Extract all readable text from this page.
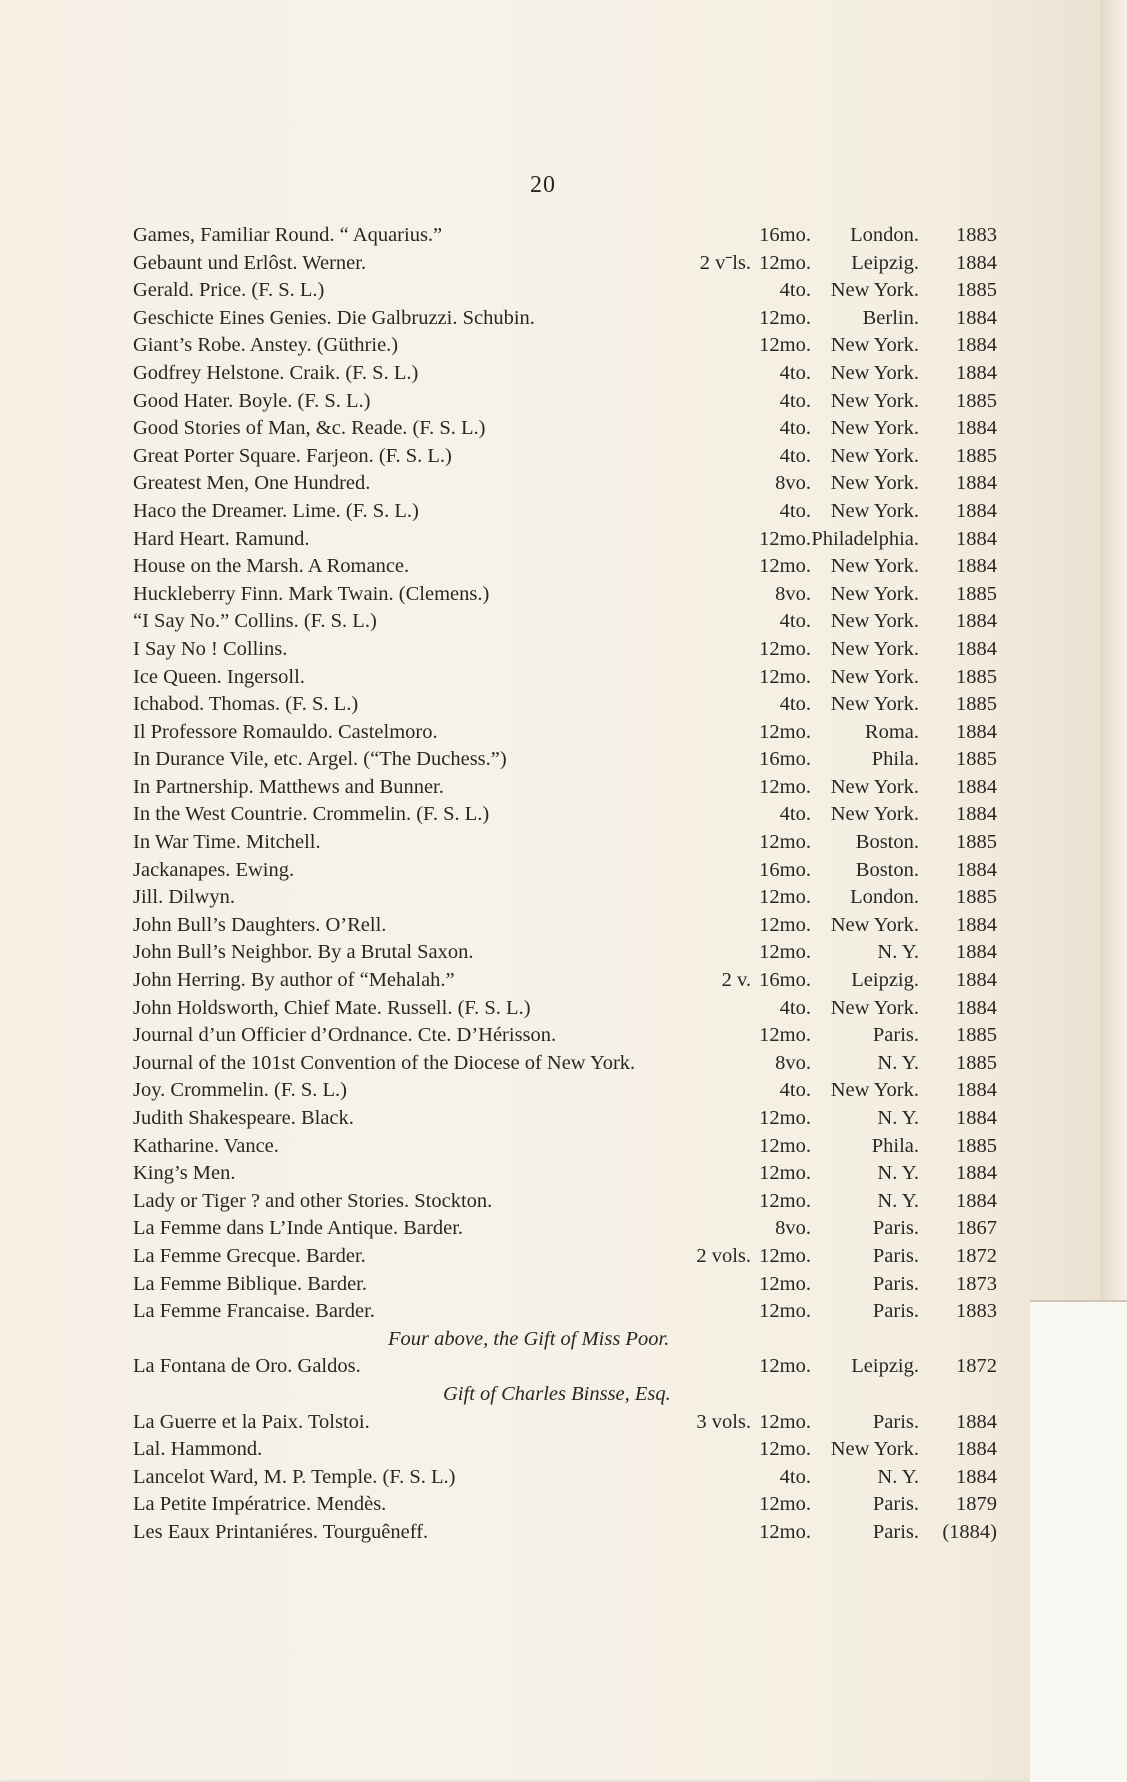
20
Games, Familiar Round. “ Aquarius.”	16mo. London. 1883
Gebaunt und Erlôst. Werner.	2 vˉls. 12mo. Leipzig. 1884
Gerald. Price. (F. S. L.)	4to. New York. 1885
Geschicte Eines Genies. Die Galbruzzi. Schubin.	12mo.	Berlin. 1884
Giant’s Robe. Anstey. (Güthrie.)	12mo. New York. 1884
Godfrey Helstone. Craik. (F. S. L.)	4to. New York. 1884
Good Hater. Boyle. (F. S. L.)	4to. New York. 1885
Good Stories of Man, &c. Reade. (F. S. L.)	4to. New York. 1884
Great Porter Square. Farjeon. (F. S. L.)	4to. New York. 1885
Greatest Men, One Hundred.	8vo. New York. 1884
Haco the Dreamer. Lime. (F. S. L.)	4to. New York. 1884
Hard Heart. Ramund.	12mo. Philadelphia. 1884
House on the Marsh. A Romance.	12mo. New York. 1884
Huckleberry Finn. Mark Twain. (Clemens.)	8vo. New York. 1885
“I Say No.” Collins. (F. S. L.)	4to. New York. 1884
I Say No ! Collins.	12mo. New York. 1884
Ice Queen. Ingersoll.	12mo. New York. 1885
Ichabod. Thomas. (F. S. L.)	4to. New York. 1885
Il Professore Romauldo. Castelmoro.	12mo.	Roma. 1884
In Durance Vile, etc. Argel. (“The Duchess.”)	16mo.	Phila. 1885
In Partnership. Matthews and Bunner.	12mo. New York. 1884
In the West Countrie. Crommelin. (F. S. L.)	4to. New York. 1884
In War Time. Mitchell.	12mo. Boston. 1885
Jackanapes. Ewing.	16mo. Boston. 1884
Jill. Dilwyn.	12mo. London. 1885
John Bull’s Daughters. O’Rell.	12mo. New York. 1884
John Bull’s Neighbor. By a Brutal Saxon.	12mo.	N. Y. 1884
John Herring. By author of “Mehalah.”	2 v. 16mo. Leipzig. 1884
John Holdsworth, Chief Mate. Russell. (F. S. L.)	4to. New York. 1884
Journal d’un Officier d’Ordnance. Cte. D’Hérisson.	12mo.	Paris. 1885
Journal of the 101st Convention of the Diocese of New York.	8vo.	N. Y. 1885
Joy. Crommelin. (F. S. L.)	4to. New York. 1884
Judith Shakespeare. Black.	12mo.	N. Y. 1884
Katharine. Vance.	12mo.	Phila. 1885
King’s Men.	12mo.	N. Y. 1884
Lady or Tiger ? and other Stories. Stockton.	12mo.	N. Y. 1884
La Femme dans L’Inde Antique. Barder.	8vo.	Paris. 1867
La Femme Grecque. Barder.	2 vols. 12mo.	Paris. 1872
La Femme Biblique. Barder.	12mo.	Paris. 1873
La Femme Francaise. Barder.	12mo.	Paris. 1883
Four above, the Gift of Miss Poor.
La Fontana de Oro. Galdos.	12mo. Leipzig. 1872
Gift of Charles Binsse, Esq.
La Guerre et la Paix. Tolstoi.	3 vols. 12mo.	Paris. 1884
Lal. Hammond.	12mo. New York. 1884
Lancelot Ward, M. P. Temple. (F. S. L.)	4to.	N. Y. 1884
La Petite Impératrice. Mendès.	12mo.	Paris. 1879
Les Eaux Printaniéres. Tourguêneff.	12mo.	Paris. (1884)
